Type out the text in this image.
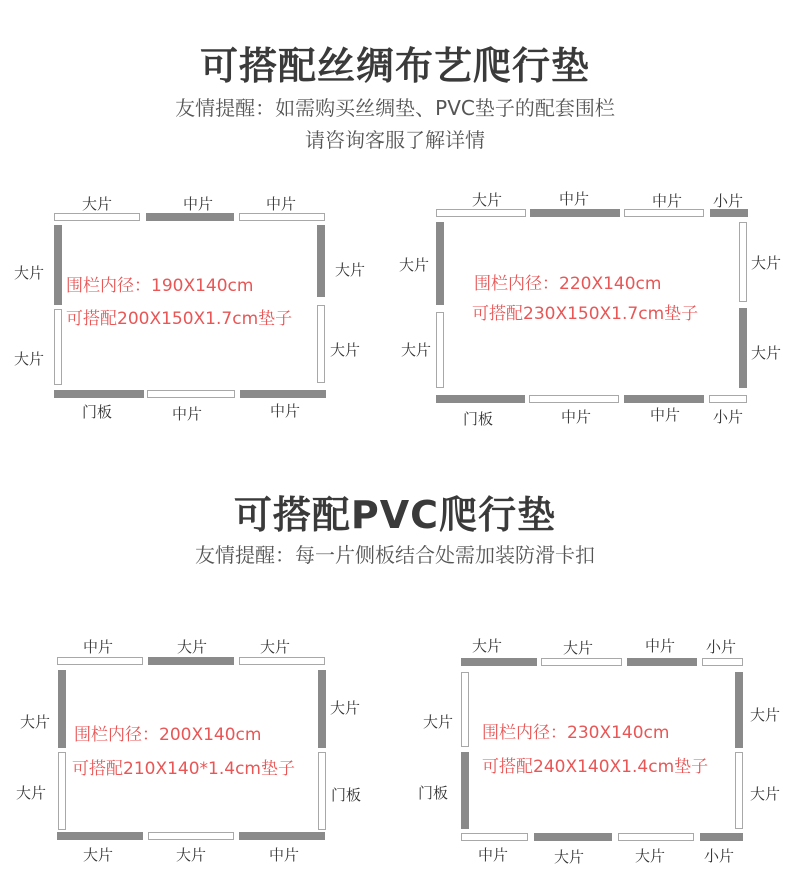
可搭配丝绸布艺爬行垫
友情提醒：如需购买丝绸垫、PVC垫子的配套围栏
请咨询客服了解详情
大片	中片	中片
门板	中片	中片
大片
大片
大片
大片
围栏内径：190X140cm
可搭配200X150X1.7cm垫子
大片	中片	中片 小片
门板	中片	中片 小片
大片
大片
大片
大片
围栏内径：220X140cm
可搭配230X150X1.7cm垫子
可搭配PVC爬行垫
友情提醒：每一片侧板结合处需加装防滑卡扣
中片	大片	大片
大片	大片	中片
大片
大片
大片
门板
围栏内径：200X140cm
可搭配210X140*1.4cm垫子
大片	大片	中片 小片
中片	大片	大片	小片
大片
门板
大片
大片
围栏内径：230X140cm
可搭配240X140X1.4cm垫子
